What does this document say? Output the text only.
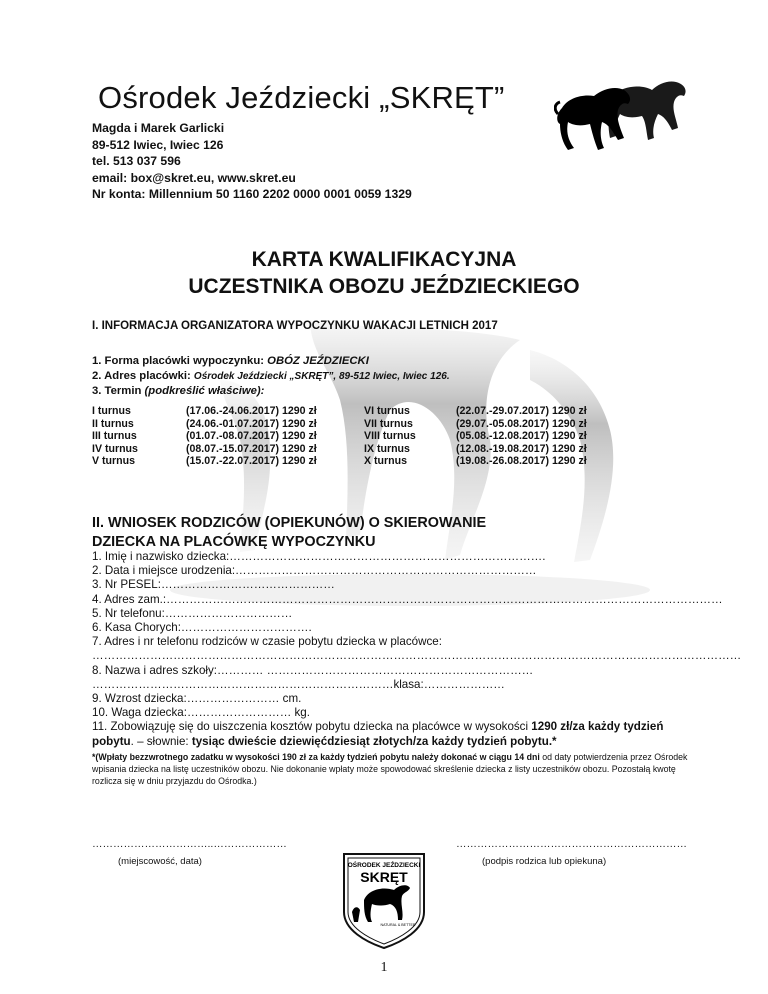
Ośrodek Jeździecki „SKRĘT”
Magda i Marek Garlicki
89-512 Iwiec, Iwiec 126
tel. 513 037 596
email: box@skret.eu, www.skret.eu
Nr konta: Millennium 50 1160 2202 0000 0001 0059 1329
KARTA KWALIFIKACYJNA
UCZESTNIKA OBOZU JEŹDZIECKIEGO
I. INFORMACJA ORGANIZATORA WYPOCZYNKU WAKACJI LETNICH 2017
1. Forma placówki wypoczynku: OBÓZ JEŹDZIECKI
2. Adres placówki: Ośrodek Jeździecki „SKRĘT”, 89-512 Iwiec, Iwiec 126.
3. Termin (podkreślić właściwe):
I turnus	(17.06.-24.06.2017) 1290 zł
II turnus	(24.06.-01.07.2017) 1290 zł
III turnus	(01.07.-08.07.2017) 1290 zł
IV turnus	(08.07.-15.07.2017) 1290 zł
V turnus	(15.07.-22.07.2017) 1290 zł
VI turnus	(22.07.-29.07.2017) 1290 zł
VII turnus	(29.07.-05.08.2017) 1290 zł
VIII turnus	(05.08.-12.08.2017) 1290 zł
IX turnus	(12.08.-19.08.2017) 1290 zł
X turnus	(19.08.-26.08.2017) 1290 zł
II. WNIOSEK RODZICÓW (OPIEKUNÓW) O SKIEROWANIE
DZIECKA NA PLACÓWKĘ WYPOCZYNKU
1. Imię i nazwisko dziecka:……………………………………………………………………….
2. Data i miejsce urodzenia:……………………………………………………………………
3. Nr PESEL:………………………………………
4. Adres zam.:………………………………………………………………………………………………………………………………
5. Nr telefonu:……………………………
6. Kasa Chorych:…………………………….
7. Adres i nr telefonu rodziców w czasie pobytu dziecka w placówce:
……………………………………………………………………………………………………………………………………………………
8. Nazwa i adres szkoły:………… ……………………………………………………………
……………………………………………………………………klasa:…………………
9. Wzrost dziecka:…………………… cm.
10. Waga dziecka:……………………… kg.
11. Zobowiązuję się do uiszczenia kosztów pobytu dziecka na placówce w wysokości 1290 zł/za każdy tydzień pobytu. – słownie: tysiąc dwieście dziewięćdziesiąt złotych/za każdy tydzień pobytu.*
*(Wpłaty bezzwrotnego zadatku w wysokości 190 zł za każdy tydzień pobytu należy dokonać w ciągu 14 dni od daty potwierdzenia przez Ośrodek wpisania dziecka na listę uczestników obozu. Nie dokonanie wpłaty może spowodować skreślenie dziecka z listy uczestników obozu. Pozostałą kwotę rozlicza się w dniu przyjazdu do Ośrodka.)
……………………………..…………………
(miejscowość, data)
…………………………………………………………
(podpis rodzica lub opiekuna)
OŚRODEK JEŹDZIECKI
SKRĘT
NATURAL & BETTER
1
